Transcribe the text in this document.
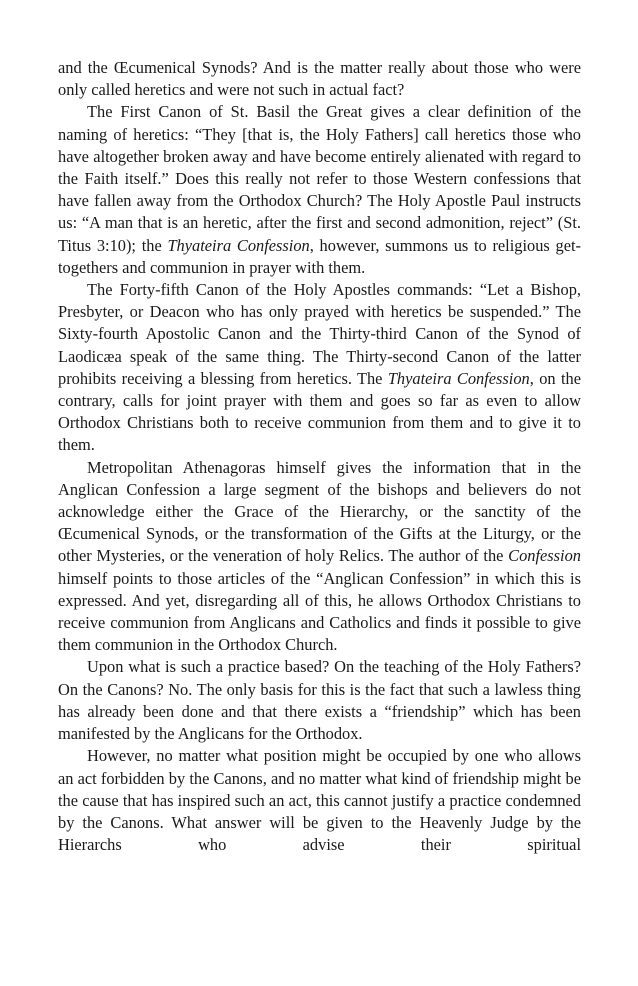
and the Œcumenical Synods? And is the matter really about those who were only called heretics and were not such in actual fact?

The First Canon of St. Basil the Great gives a clear definition of the naming of heretics: “They [that is, the Holy Fathers] call heretics those who have altogether broken away and have become entirely alienated with regard to the Faith itself.” Does this really not refer to those Western confessions that have fallen away from the Orthodox Church? The Holy Apostle Paul instructs us: “A man that is an heretic, after the first and second admonition, reject” (St. Titus 3:10); the Thyateira Confession, however, summons us to religious get-togethers and communion in prayer with them.

The Forty-fifth Canon of the Holy Apostles commands: “Let a Bishop, Presbyter, or Deacon who has only prayed with heretics be suspended.” The Sixty-fourth Apostolic Canon and the Thirty-third Canon of the Synod of Laodicæa speak of the same thing. The Thirty-second Canon of the latter prohibits receiving a blessing from heretics. The Thyateira Confession, on the contrary, calls for joint prayer with them and goes so far as even to allow Orthodox Christians both to receive communion from them and to give it to them.

Metropolitan Athenagoras himself gives the information that in the Anglican Confession a large segment of the bishops and believers do not acknowledge either the Grace of the Hierarchy, or the sanctity of the Œcumenical Synods, or the transformation of the Gifts at the Liturgy, or the other Mysteries, or the veneration of holy Relics. The author of the Confession himself points to those articles of the “Anglican Confession” in which this is expressed. And yet, disregarding all of this, he allows Orthodox Christians to receive communion from Anglicans and Catholics and finds it possible to give them communion in the Orthodox Church.

Upon what is such a practice based? On the teaching of the Holy Fathers? On the Canons? No. The only basis for this is the fact that such a lawless thing has already been done and that there exists a “friendship” which has been manifested by the Anglicans for the Orthodox.

However, no matter what position might be occupied by one who allows an act forbidden by the Canons, and no matter what kind of friendship might be the cause that has inspired such an act, this cannot justify a practice condemned by the Canons. What answer will be given to the Heavenly Judge by the Hierarchs who advise their spiritual
